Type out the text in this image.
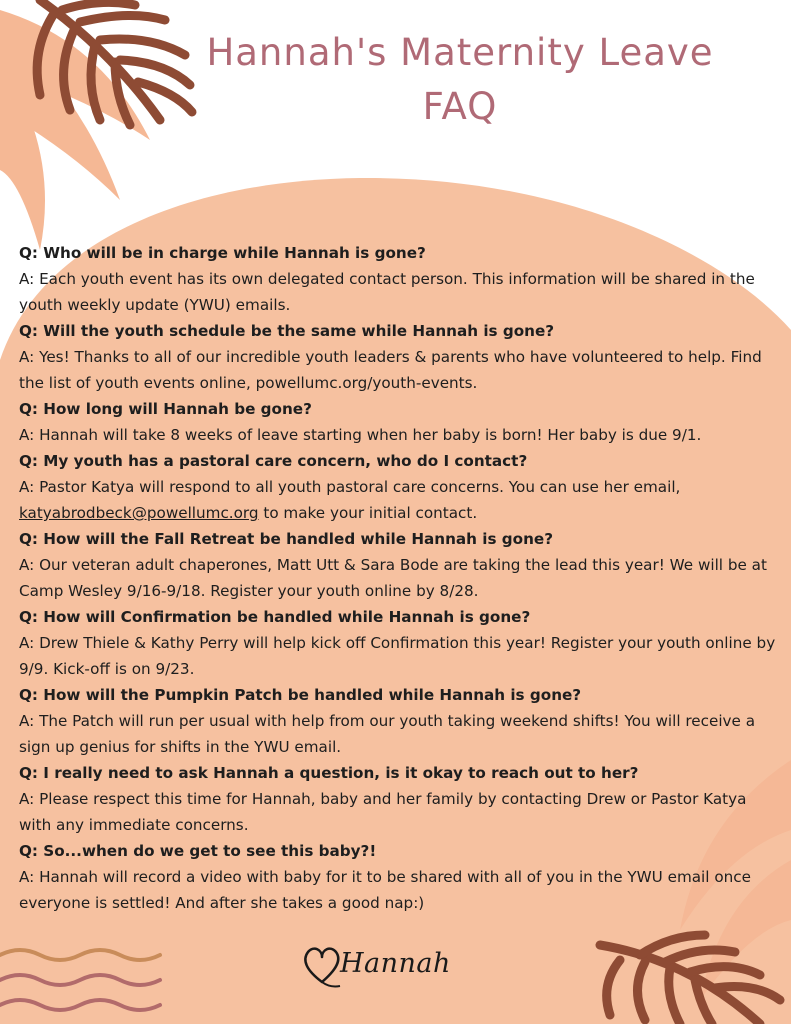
Hannah's Maternity Leave
FAQ
Q: Who will be in charge while Hannah is gone?
A: Each youth event has its own delegated contact person. This information will be shared in the youth weekly update (YWU) emails.
Q: Will the youth schedule be the same while Hannah is gone?
A: Yes! Thanks to all of our incredible youth leaders & parents who have volunteered to help. Find the list of youth events online, powellumc.org/youth-events.
Q: How long will Hannah be gone?
A: Hannah will take 8 weeks of leave starting when her baby is born! Her baby is due 9/1.
Q: My youth has a pastoral care concern, who do I contact?
A: Pastor Katya will respond to all youth pastoral care concerns. You can use her email, katyabrodbeck@powellumc.org to make your initial contact.
Q: How will the Fall Retreat be handled while Hannah is gone?
A: Our veteran adult chaperones, Matt Utt & Sara Bode are taking the lead this year! We will be at Camp Wesley 9/16-9/18. Register your youth online by 8/28.
Q: How will Confirmation be handled while Hannah is gone?
A: Drew Thiele & Kathy Perry will help kick off Confirmation this year! Register your youth online by 9/9. Kick-off is on 9/23.
Q: How will the Pumpkin Patch be handled while Hannah is gone?
A: The Patch will run per usual with help from our youth taking weekend shifts! You will receive a sign up genius for shifts in the YWU email.
Q: I really need to ask Hannah a question, is it okay to reach out to her?
A: Please respect this time for Hannah, baby and her family by contacting Drew or Pastor Katya with any immediate concerns.
Q: So...when do we get to see this baby?!
A: Hannah will record a video with baby for it to be shared with all of you in the YWU email once everyone is settled! And after she takes a good nap:)
Hannah
